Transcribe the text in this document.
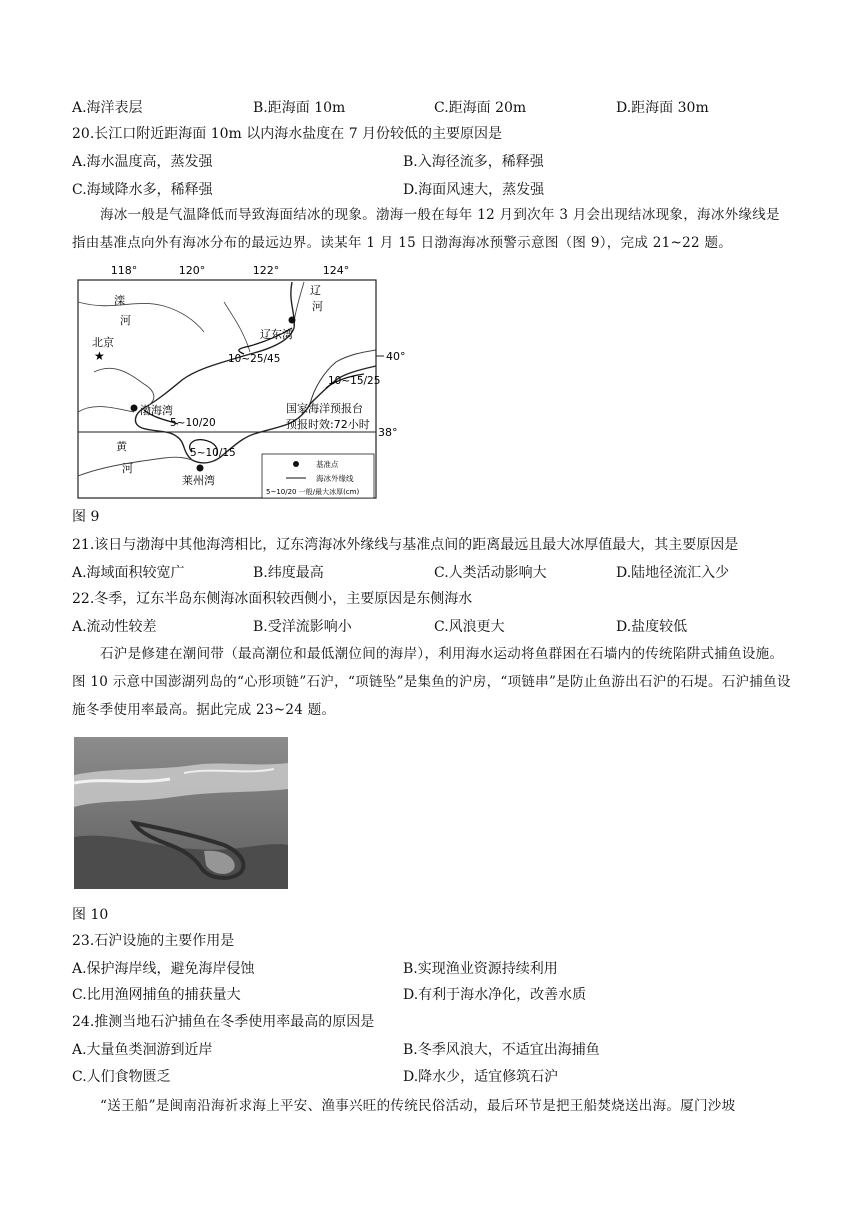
A.海洋表层	B.距海面 10m	C.距海面 20m	D.距海面 30m
20.长江口附近距海面 10m 以内海水盐度在 7 月份较低的主要原因是
A.海水温度高，蒸发强	B.入海径流多，稀释强
C.海域降水多，稀释强	D.海面风速大，蒸发强

海冰一般是气温降低而导致海面结冰的现象。渤海一般在每年 12 月到次年 3 月会出现结冰现象，海冰外缘线是指由基准点向外有海冰分布的最远边界。读某年 1 月 15 日渤海海冰预警示意图（图 9），完成 21~22 题。

118°	120°	122°	124°
40°
38°
★
北京
辽东湾
渤海湾
莱州湾
辽
河
滦
河
黄
河
10~25/45
10~15/25
5~10/20
5~10/15
国家海洋预报台
预报时效:72小时
基准点
海冰外缘线
5~10/20 一般/最大冰厚(cm)
图 9
21.该日与渤海中其他海湾相比，辽东湾海冰外缘线与基准点间的距离最远且最大冰厚值最大，其主要原因是
A.海域面积较宽广	B.纬度最高	C.人类活动影响大	D.陆地径流汇入少
22.冬季，辽东半岛东侧海冰面积较西侧小，主要原因是东侧海水
A.流动性较差	B.受洋流影响小	C.风浪更大	D.盐度较低

石沪是修建在潮间带（最高潮位和最低潮位间的海岸），利用海水运动将鱼群困在石墙内的传统陷阱式捕鱼设施。图 10 示意中国澎湖列岛的“心形项链”石沪，“项链坠”是集鱼的沪房，“项链串”是防止鱼游出石沪的石堤。石沪捕鱼设施冬季使用率最高。据此完成 23~24 题。

图 10
23.石沪设施的主要作用是
A.保护海岸线，避免海岸侵蚀	B.实现渔业资源持续利用
C.比用渔网捕鱼的捕获量大	D.有利于海水净化，改善水质
24.推测当地石沪捕鱼在冬季使用率最高的原因是
A.大量鱼类洄游到近岸	B.冬季风浪大，不适宜出海捕鱼
C.人们食物匮乏	D.降水少，适宜修筑石沪

“送王船”是闽南沿海祈求海上平安、渔事兴旺的传统民俗活动，最后环节是把王船焚烧送出海。厦门沙坡
